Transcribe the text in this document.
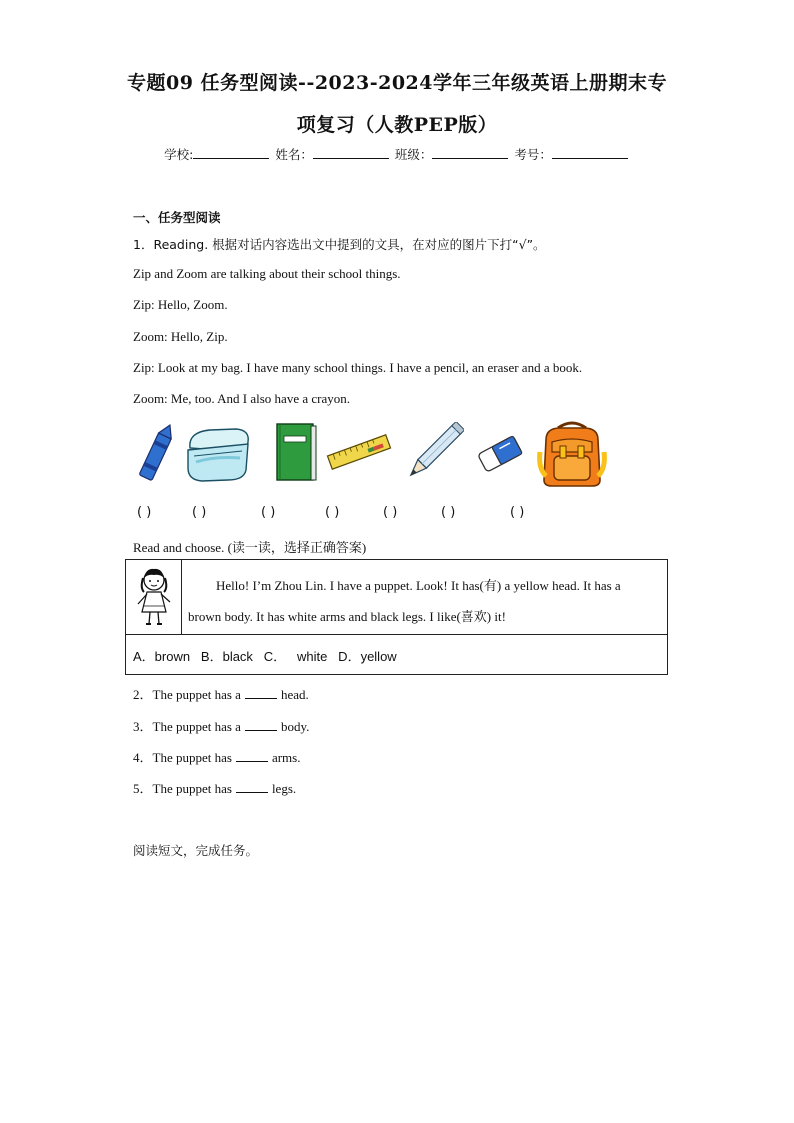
专题09 任务型阅读--2023-2024学年三年级英语上册期末专
项复习（人教PEP版）
学校:	姓名：	班级：	考号：
一、任务型阅读
1．Reading. 根据对话内容选出文中提到的文具，在对应的图片下打“√”。
Zip and Zoom are talking about their school things.
Zip: Hello, Zoom.
Zoom: Hello, Zip.
Zip: Look at my bag. I have many school things. I have a pencil, an eraser and a book.
Zoom: Me, too. And I also have a crayon.
( )	( )	( )	( )	( )	( )	( )
Read and choose. (读一读，选择正确答案)
Hello! I’m Zhou Lin. I have a puppet. Look! It has(有) a yellow head. It has a
brown body. It has white arms and black legs. I like(喜欢) it!
A．brown   B．black   C．   white   D．yellow
2．The puppet has a	head.
3．The puppet has a	body.
4．The puppet has	arms.
5．The puppet has	legs.
阅读短文，完成任务。
